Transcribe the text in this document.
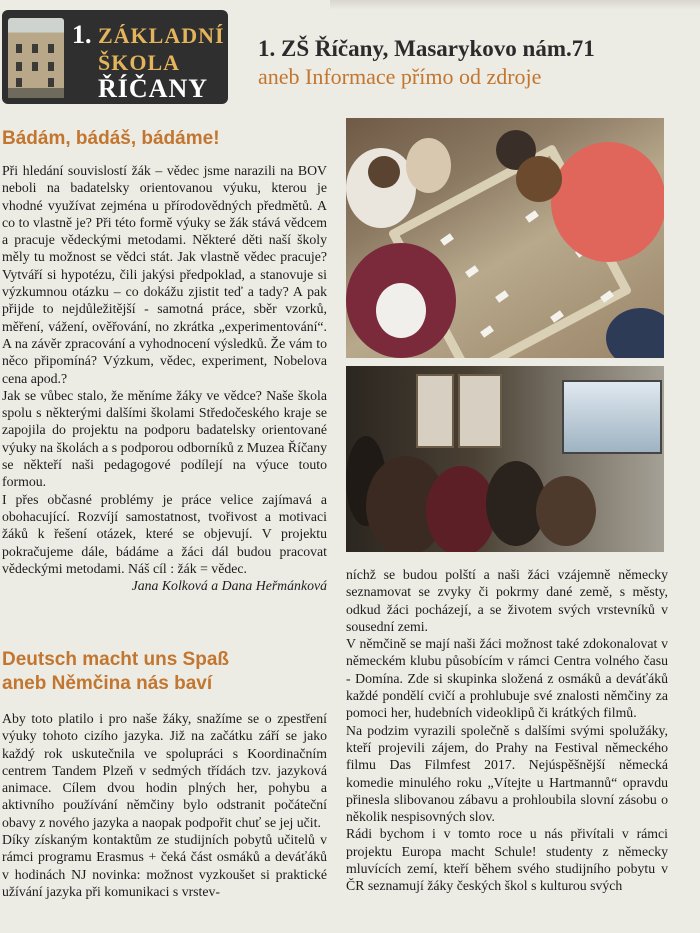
1. ZÁKLADNÍ
ŠKOLA
ŘÍČANY
1. ZŠ Říčany, Masarykovo nám.71
aneb Informace přímo od zdroje
Bádám, bádáš, bádáme!

Při hledání souvislostí žák – vědec jsme narazili na BOV neboli na badatelsky orientovanou výuku, kterou je vhodné využívat zejména u přírodovědných předmětů. A co to vlastně je? Při této formě výuky se žák stává vědcem a pracuje vědeckými metodami. Některé děti naší školy měly tu možnost se vědci stát. Jak vlastně vědec pracuje? Vytváří si hypotézu, čili jakýsi předpoklad, a stanovuje si výzkumnou otázku – co dokážu zjistit teď a tady? A pak přijde to nejdůležitější - samotná práce, sběr vzorků, měření, vážení, ověřování, no zkrátka „experimentování“. A na závěr zpracování a vyhodnocení výsledků. Že vám to něco připomíná? Výzkum, vědec, experiment, Nobelova cena apod.?

Jak se vůbec stalo, že měníme žáky ve vědce? Naše škola spolu s některými dalšími školami Středočeského kraje se zapojila do projektu na podporu badatelsky orientované výuky na školách a s podporou odborníků z Muzea Říčany se někteří naši pedagogové podílejí na výuce touto formou.

I přes občasné problémy je práce velice zajímavá a obohacující. Rozvíjí samostatnost, tvořivost a motivaci žáků k řešení otázek, které se objevují. V projektu pokračujeme dále, bádáme a žáci dál budou pracovat vědeckými metodami. Náš cíl : žák = vědec.

Jana Kolková a Dana Heřmánková

Deutsch macht uns Spaß
aneb Němčina nás baví

Aby toto platilo i pro naše žáky, snažíme se o zpestření výuky tohoto cizího jazyka. Již na začátku září se jako každý rok uskutečnila ve spolupráci s Koordinačním centrem Tandem Plzeň v sedmých třídách tzv. jazyková animace. Cílem dvou hodin plných her, pohybu a aktivního používání němčiny bylo odstranit počáteční obavy z nového jazyka a naopak podpořit chuť se jej učit.

Díky získaným kontaktům ze studijních pobytů učitelů v rámci programu Erasmus + čeká část osmáků a deváťáků v hodinách NJ novinka: možnost vyzkoušet si praktické užívání jazyka při komunikaci s vrstev-

níchž se budou polští a naši žáci vzájemně německy seznamovat se zvyky či pokrmy dané země, s městy, odkud žáci pocházejí, a se životem svých vrstevníků v sousední zemi.

V němčině se mají naši žáci možnost také zdokonalovat v německém klubu působícím v rámci Centra volného času - Domína. Zde si skupinka složená z osmáků a deváťáků každé pondělí cvičí a prohlubuje své znalosti němčiny za pomoci her, hudebních videoklipů či krátkých filmů.

Na podzim vyrazili společně s dalšími svými spolužáky, kteří projevili zájem, do Prahy na Festival německého filmu Das Filmfest 2017. Nejúspěšnější německá komedie minulého roku „Vítejte u Hartmannů“ opravdu přinesla slibovanou zábavu a prohloubila slovní zásobu o několik nespisovných slov.

Rádi bychom i v tomto roce u nás přivítali v rámci projektu Europa macht Schule! studenty z německy mluvících zemí, kteří během svého studijního pobytu v ČR seznamují žáky českých škol s kulturou svých
